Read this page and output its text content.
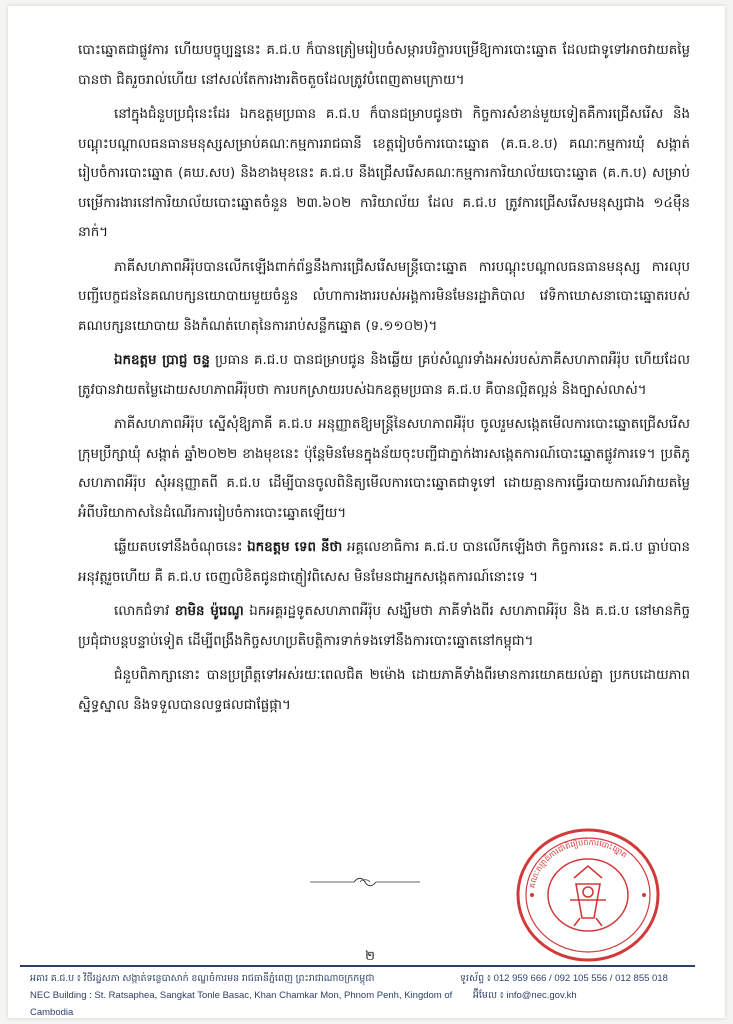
បោះឆ្នោតជាផ្លូវការ ហើយបច្ចុប្បន្ននេះ គ.ជ.ប ក៏បានត្រៀមរៀបចំសម្ភារបរិក្ខារបម្រើឱ្យការបោះឆ្នោត ដែលជាទូទៅអាចវាយតម្លៃបានថា ជិតរួចរាល់ហើយ នៅសល់តែការងារតិចតួចដែលត្រូវបំពេញតាមក្រោយ។

នៅក្នុងជំនួបប្រជុំនេះដែរ ឯកឧត្តមប្រធាន គ.ជ.ប ក៏បានជម្រាបជូនថា កិច្ចការសំខាន់មួយទៀតគឺការជ្រើសរើស និងបណ្តុះបណ្តាលធនធានមនុស្សសម្រាប់គណៈកម្មការរាជធានី ខេត្តរៀបចំការបោះឆ្នោត (គ.ធ.ខ.ប) គណៈកម្មការឃុំ សង្កាត់រៀបចំការបោះឆ្នោត (គឃ.សប) និងខាងមុខនេះ គ.ជ.ប នឹងជ្រើសរើសគណៈកម្មការការិយាល័យបោះឆ្នោត (គ.ក.ប) សម្រាប់បម្រើការងារនៅការិយាល័យបោះឆ្នោតចំនួន ២៣.៦០២ ការិយាល័យ ដែល គ.ជ.ប ត្រូវការជ្រើសរើសមនុស្សជាង ១៤ម៉ឺននាក់។

ភាគីសហភាពអឺរ៉ុបបានលើកឡើងពាក់ព័ន្ធនឹងការជ្រើសរើសមន្ត្រីបោះឆ្នោត ការបណ្តុះបណ្តាលធនធានមនុស្ស ការលុបបញ្ជីបេក្ខជននៃគណបក្សនយោបាយមួយចំនួន លំហាការងាររបស់អង្គការមិនមែនរដ្ឋាភិបាល វេទិកាឃោសនាបោះឆ្នោតរបស់គណបក្សនយោបាយ និងកំណត់ហេតុនៃការរាប់សន្លឹកឆ្នោត (ទ.១១០២)។

ឯកឧត្តម ប្រាជ្ញ ចន្ទ ប្រធាន គ.ជ.ប បានជម្រាបជូន និងឆ្លើយ គ្រប់សំណួរទាំងអស់របស់ភាគីសហភាពអឺរ៉ុប ហើយដែលត្រូវបានវាយតម្លៃដោយសហភាពអឺរ៉ុបថា ការបកស្រាយរបស់ឯកឧត្តមប្រធាន គ.ជ.ប គឺបានល្អិតល្អន់ និងច្បាស់លាស់។

ភាគីសហភាពអឺរ៉ុប ស្នើសុំឱ្យភាគី គ.ជ.ប អនុញ្ញាតឱ្យមន្ត្រីនៃសហភាពអឺរ៉ុប ចូលរួមសង្កេតមើលការបោះឆ្នោតជ្រើសរើសក្រុមប្រឹក្សាឃុំ សង្កាត់ ឆ្នាំ២០២២ ខាងមុខនេះ ប៉ុន្តែមិនមែនក្នុងន័យចុះបញ្ជីជាភ្នាក់ងារសង្កេតការណ៍បោះឆ្នោតផ្លូវការទេ។ ប្រតិភូសហភាពអឺរ៉ុប សុំអនុញ្ញាតពី គ.ជ.ប ដើម្បីបានចូលពិនិត្យមើលការបោះឆ្នោតជាទូទៅ ដោយគ្មានការធ្វើរបាយការណ៍វាយតម្លៃអំពីបរិយាកាសនៃដំណើរការរៀបចំការបោះឆ្នោតឡើយ។

ឆ្លើយតបទៅនឹងចំណុចនេះ ឯកឧត្តម ទេព នីថា អគ្គលេខាធិការ គ.ជ.ប បានលើកឡើងថា កិច្ចការនេះ គ.ជ.ប ធ្លាប់បានអនុវត្តរួចហើយ គឺ គ.ជ.ប ចេញលិខិតជូនជាភ្ញៀវពិសេស មិនមែនជាអ្នកសង្កេតការណ៍នោះទេ ។

លោកជំទាវ ខាមិន ម៉ូរេណូ ឯកអគ្គរដ្ឋទូតសហភាពអឺរ៉ុប សង្ឃឹមថា ភាគីទាំងពីរ សហភាពអឺរ៉ុប និង គ.ជ.ប នៅមានកិច្ចប្រជុំជាបន្តបន្ទាប់ទៀត ដើម្បីពង្រឹងកិច្ចសហប្រតិបត្តិការទាក់ទងទៅនឹងការបោះឆ្នោតនៅកម្ពុជា។

ជំនួបពិភាក្សានោះ បានប្រព្រឹត្តទៅអស់រយៈពេលជិត ២ម៉ោង ដោយភាគីទាំងពីរមានការយោគយល់គ្នា ប្រកបដោយភាពស្និទ្ធស្នាល និងទទួលបានលទ្ធផលជាផ្លែផ្កា។

គណៈកម្មាធិការជាតិរៀបចំការបោះឆ្នោត
២
អគារ គ.ជ.ប ៖ វិថីរដ្ឋសភា សង្កាត់ទន្លេបាសាក់ ខណ្ឌចំការមន រាជធានីភ្នំពេញ ព្រះរាជាណាចក្រកម្ពុជា	ទូរស័ព្ទ ៖ 012 959 666 / 092 105 556 / 012 855 018
NEC Building : St. Ratsaphea, Sangkat Tonle Basac, Khan Chamkar Mon, Phnom Penh, Kingdom of Cambodia
អ៊ីមែល ៖ info@nec.gov.kh
